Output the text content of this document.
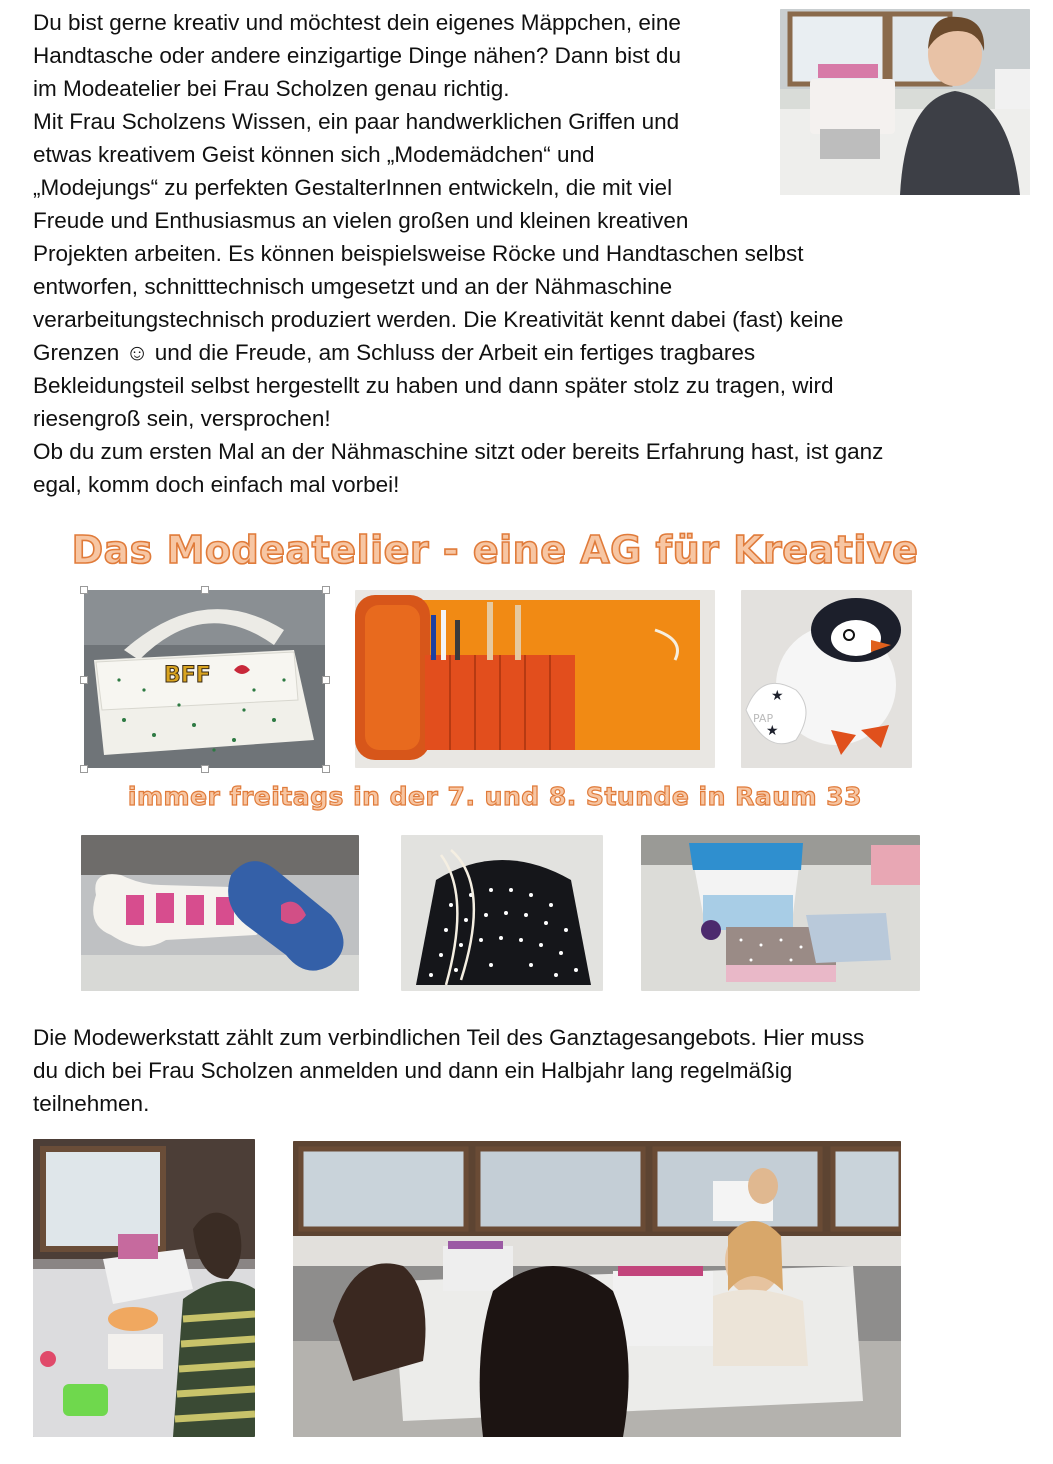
Du bist gerne kreativ und möchtest dein eigenes Mäppchen, eine
Handtasche oder andere einzigartige Dinge nähen? Dann bist du
im Modeatelier bei Frau Scholzen genau richtig.
Mit Frau Scholzens Wissen, ein paar handwerklichen Griffen und
etwas kreativem Geist können sich „Modemädchen“ und
„Modejungs“ zu perfekten GestalterInnen entwickeln, die mit viel
Freude und Enthusiasmus an vielen großen und kleinen kreativen
Projekten arbeiten. Es können beispielsweise Röcke und Handtaschen selbst
entworfen, schnitttechnisch umgesetzt und an der Nähmaschine
verarbeitungstechnisch produziert werden. Die Kreativität kennt dabei (fast) keine
Grenzen ☺ und die Freude, am Schluss der Arbeit ein fertiges tragbares
Bekleidungsteil selbst hergestellt zu haben und dann später stolz zu tragen, wird
riesengroß sein, versprochen!
Ob du zum ersten Mal an der Nähmaschine sitzt oder bereits Erfahrung hast, ist ganz
egal, komm doch einfach mal vorbei!
Das Modeatelier - eine AG für Kreative
BFF
PAP
★
★
immer freitags in der 7. und 8. Stunde in Raum 33
Die Modewerkstatt zählt zum verbindlichen Teil des Ganztagesangebots. Hier muss
du dich bei Frau Scholzen anmelden und dann ein Halbjahr lang regelmäßig
teilnehmen.
